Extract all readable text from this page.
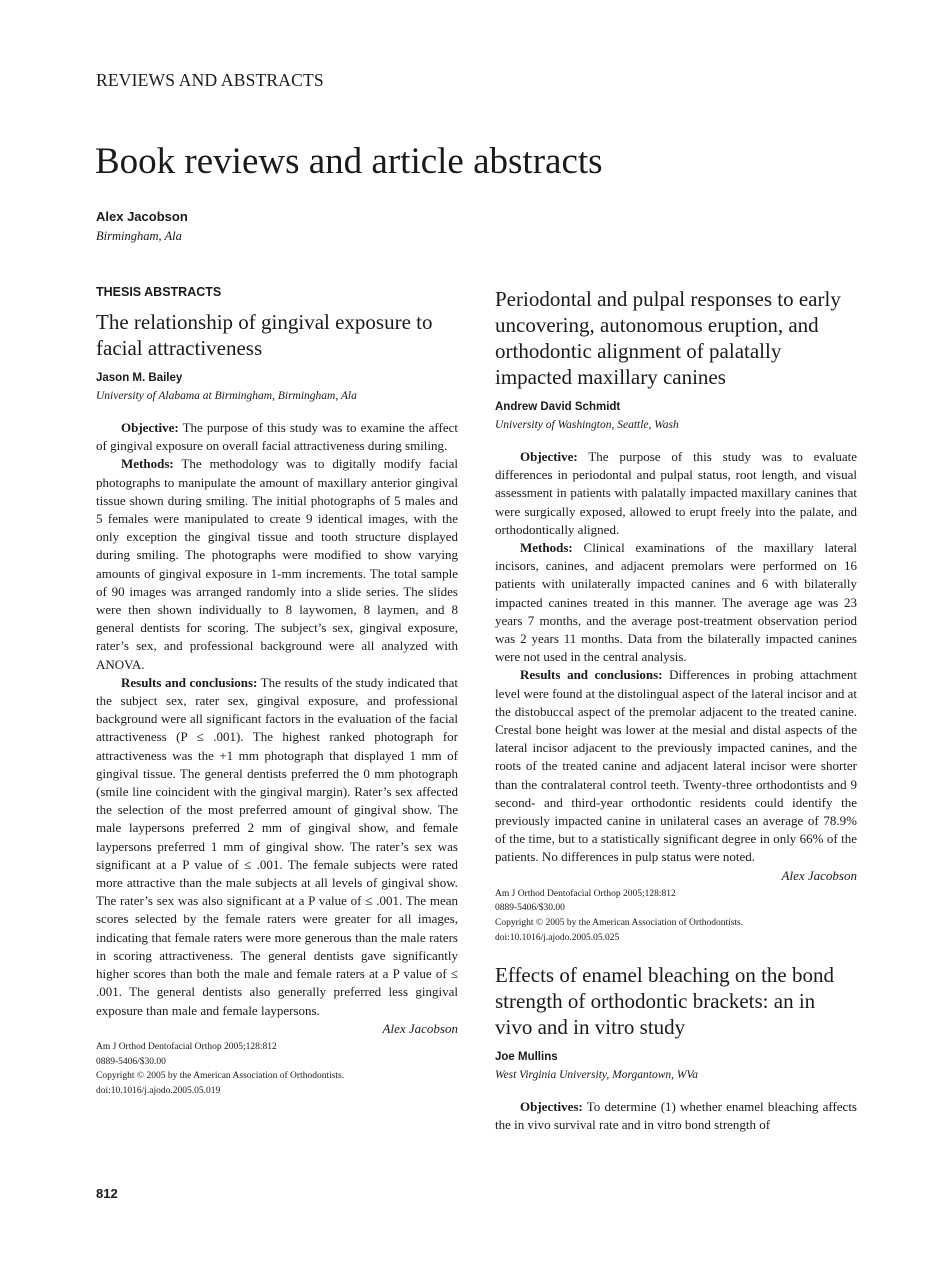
REVIEWS AND ABSTRACTS
Book reviews and article abstracts
Alex Jacobson
Birmingham, Ala
THESIS ABSTRACTS
The relationship of gingival exposure to facial attractiveness
Jason M. Bailey
University of Alabama at Birmingham, Birmingham, Ala

Objective: The purpose of this study was to examine the affect of gingival exposure on overall facial attractiveness during smiling.

Methods: The methodology was to digitally modify facial photographs to manipulate the amount of maxillary anterior gingival tissue shown during smiling. The initial photographs of 5 males and 5 females were manipulated to create 9 identical images, with the only exception the gingival tissue and tooth structure displayed during smiling. The photographs were modified to show varying amounts of gingival exposure in 1-mm increments. The total sample of 90 images was arranged randomly into a slide series. The slides were then shown individually to 8 laywomen, 8 laymen, and 8 general dentists for scoring. The subject’s sex, gingival exposure, rater’s sex, and professional background were all analyzed with ANOVA.

Results and conclusions: The results of the study indicated that the subject sex, rater sex, gingival exposure, and professional background were all significant factors in the evaluation of the facial attractiveness (P ≤ .001). The highest ranked photograph for attractiveness was the +1 mm photograph that displayed 1 mm of gingival tissue. The general dentists preferred the 0 mm photograph (smile line coincident with the gingival margin). Rater’s sex affected the selection of the most preferred amount of gingival show. The male laypersons preferred 2 mm of gingival show, and female laypersons preferred 1 mm of gingival show. The rater’s sex was significant at a P value of ≤ .001. The female subjects were rated more attractive than the male subjects at all levels of gingival show. The rater’s sex was also significant at a P value of ≤ .001. The mean scores selected by the female raters were greater for all images, indicating that female raters were more generous than the male raters in scoring attractiveness. The general dentists gave significantly higher scores than both the male and female raters at a P value of ≤ .001. The general dentists also generally preferred less gingival exposure than male and female laypersons.

Alex Jacobson
Am J Orthod Dentofacial Orthop 2005;128:812
0889-5406/$30.00
Copyright © 2005 by the American Association of Orthodontists.
doi:10.1016/j.ajodo.2005.05.019
Periodontal and pulpal responses to early uncovering, autonomous eruption, and orthodontic alignment of palatally impacted maxillary canines
Andrew David Schmidt
University of Washington, Seattle, Wash

Objective: The purpose of this study was to evaluate differences in periodontal and pulpal status, root length, and visual assessment in patients with palatally impacted maxillary canines that were surgically exposed, allowed to erupt freely into the palate, and orthodontically aligned.

Methods: Clinical examinations of the maxillary lateral incisors, canines, and adjacent premolars were performed on 16 patients with unilaterally impacted canines and 6 with bilaterally impacted canines treated in this manner. The average age was 23 years 7 months, and the average post-treatment observation period was 2 years 11 months. Data from the bilaterally impacted canines were not used in the central analysis.

Results and conclusions: Differences in probing attachment level were found at the distolingual aspect of the lateral incisor and at the distobuccal aspect of the premolar adjacent to the treated canine. Crestal bone height was lower at the mesial and distal aspects of the lateral incisor adjacent to the previously impacted canines, and the roots of the treated canine and adjacent lateral incisor were shorter than the contralateral control teeth. Twenty-three orthodontists and 9 second- and third-year orthodontic residents could identify the previously impacted canine in unilateral cases an average of 78.9% of the time, but to a statistically significant degree in only 66% of the patients. No differences in pulp status were noted.

Alex Jacobson
Am J Orthod Dentofacial Orthop 2005;128:812
0889-5406/$30.00
Copyright © 2005 by the American Association of Orthodontists.
doi:10.1016/j.ajodo.2005.05.025
Effects of enamel bleaching on the bond strength of orthodontic brackets: an in vivo and in vitro study
Joe Mullins
West Virginia University, Morgantown, WVa

Objectives: To determine (1) whether enamel bleaching affects the in vivo survival rate and in vitro bond strength of

812
